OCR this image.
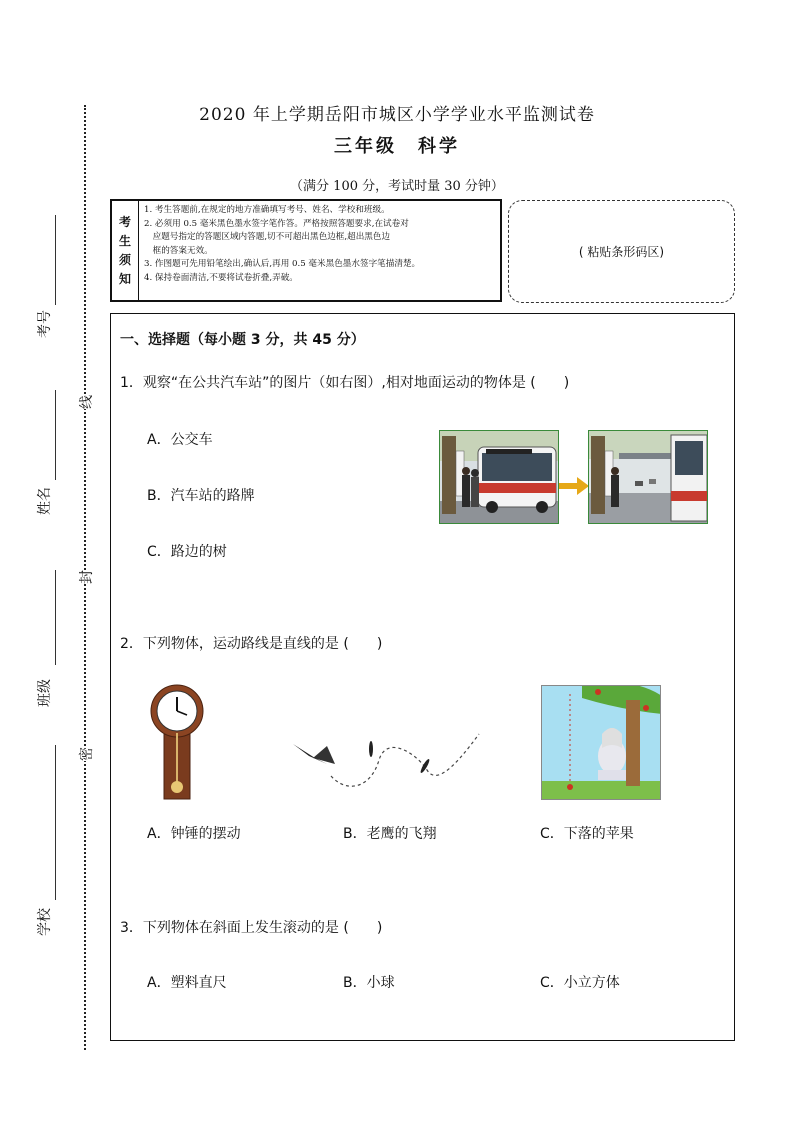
2020 年上学期岳阳市城区小学学业水平监测试卷
三年级　科学
（满分 100 分，考试时量 30 分钟）
考号
姓名
班级
学校
线
封
密
考
生
须
知
1. 考生答题前,在规定的地方准确填写考号、姓名、学校和班级。
2. 必须用 0.5 毫米黑色墨水签字笔作答。严格按照答题要求,在试卷对
　应题号指定的答题区域内答题,切不可超出黑色边框,超出黑色边
　框的答案无效。
3. 作图题可先用铅笔绘出,确认后,再用 0.5 毫米黑色墨水签字笔描清楚。
4. 保持卷面清洁,不要将试卷折叠,弄破。
( 粘贴条形码区)
一、选择题（每小题 3 分，共 45 分）
1．观察“在公共汽车站”的图片（如右图）,相对地面运动的物体是 (　　)
A．公交车
B．汽车站的路牌
C．路边的树
2．下列物体，运动路线是直线的是 (　　)
A．钟锤的摆动	B．老鹰的飞翔	C．下落的苹果
3．下列物体在斜面上发生滚动的是 (　　)
A．塑料直尺	B．小球	C．小立方体
